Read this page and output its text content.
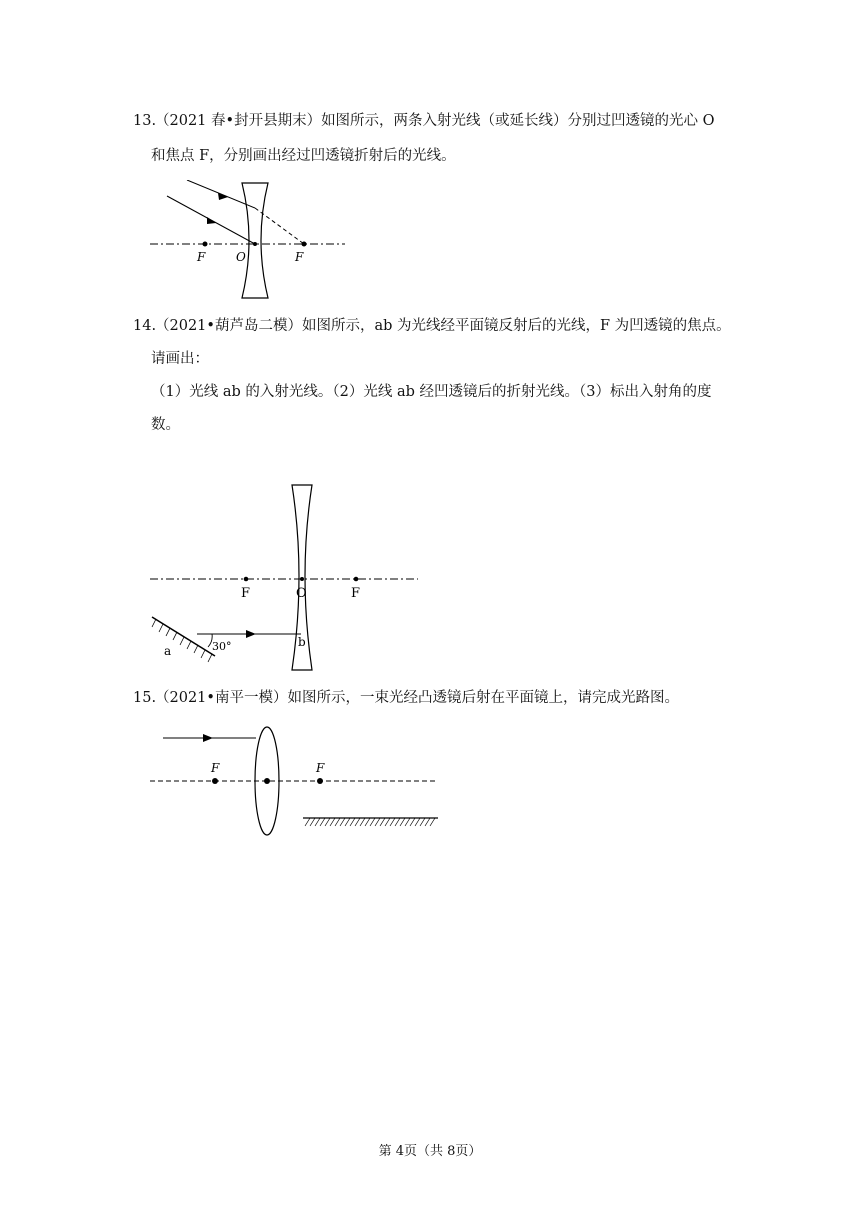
13.
（2021 春•封开县期末）如图所示，两条入射光线（或延长线）分别过凹透镜的光心 O
和焦点 F，分别画出经过凹透镜折射后的光线。
F	O	F
14.
（2021•葫芦岛二模）如图所示，ab 为光线经平面镜反射后的光线，F 为凹透镜的焦点。
请画出：
（1）光线 ab 的入射光线。（2）光线 ab 经凹透镜后的折射光线。（3）标出入射角的度
数。
F	O	F
30°
a
b
15.
（2021•南平一模）如图所示，一束光经凸透镜后射在平面镜上，请完成光路图。
F	F
第 4页（共 8页）
